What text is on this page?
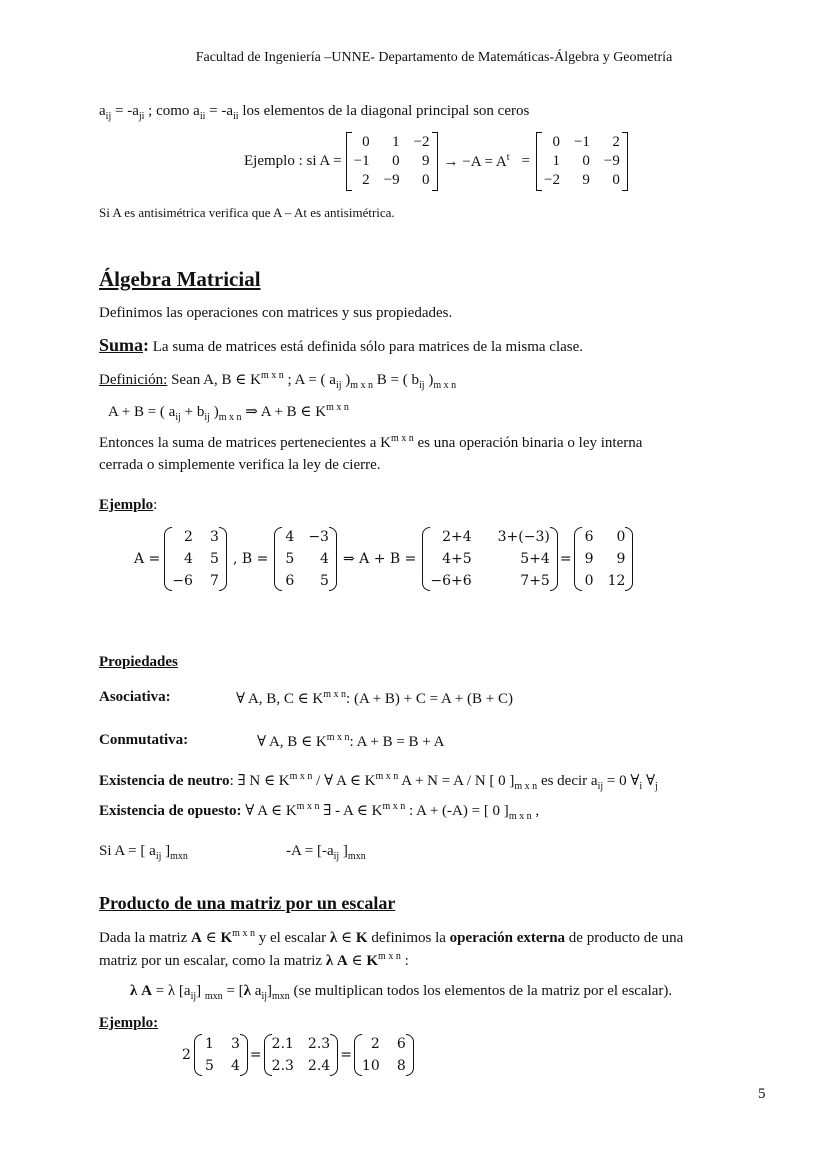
Facultad de Ingeniería –UNNE- Departamento de Matemáticas-Álgebra y Geometría
$a_{ij} = -a_{ji}$ ; como $a_{ii} = -a_{ii}$ los elementos de la diagonal principal son ceros
Ejemplo : si A =
0	1 −2
−1	0	9
2 −9	0
→ $-A = A^t$ =
0 −1	2
1	0 −9
−2	9	0
Si A es antisimétrica verifica que A – At es antisimétrica.
Álgebra Matricial
Definimos las operaciones con matrices y sus propiedades.
Suma: La suma de matrices está definida sólo para matrices de la misma clase.
Definición: Sean A, B ∈ $K^{m x n}$ ; A = ( $a_{ij}$ )$_{m x n}$ B = ( $b_{ij}$ )$_{m x n}$
A + B = ( $a_{ij} + b_{ij}$ )$_{m x n}$ ⇒ A + B ∈ $K^{m x n}$
Entonces la suma de matrices pertenecientes a $K^{m x n}$ es una operación binaria o ley interna
cerrada o simplemente verifica la ley de cierre.
Ejemplo:
A =
2 3
4 5
−6 7
, B =
4 −3
5	4
6	5
⇒ A + B =
2+4 3+(−3)
4+5	5+4
−6+6	7+5
=
6	0
9	9
0 12
Propiedades
Asociativa:	∀ A, B, C ∈ $K^{m x n}$: (A + B) + C = A + (B + C)
Conmutativa:	∀ A, B ∈ $K^{m x n}$: A + B = B + A
Existencia de neutro: ∃ N ∈ $K^{m x n}$ / ∀ A ∈ $K^{m x n}$ A + N = A / N [ 0 ]$_{m x n}$ es decir $a_{ij} = 0$ $\forall_i$ $\forall_j$
Existencia de opuesto: ∀ A ∈ $K^{m x n}$ ∃ - A ∈ $K^{m x n}$ : A + (-A) = [ 0 ]$_{m x n}$ ,
Si A = [ $a_{ij}$ ]$_{mxn}$	$-A = [-a_{ij}$ ]$_{mxn}$
Producto de una matriz por un escalar
Dada la matriz A ∈ $K^{m x n}$ y el escalar λ ∈ K definimos la operación externa de producto de una
matriz por un escalar, como la matriz λ A ∈ $K^{m x n}$ :
λ A = λ $[a_{ij}] _{mxn} = [\lambda$ $a_{ij}]_{mxn}$ (se multiplican todos los elementos de la matriz por el escalar).
Ejemplo:
2
1 3
5 4
=
2.1 2.3
2.3 2.4
=
2 6
10 8
5
